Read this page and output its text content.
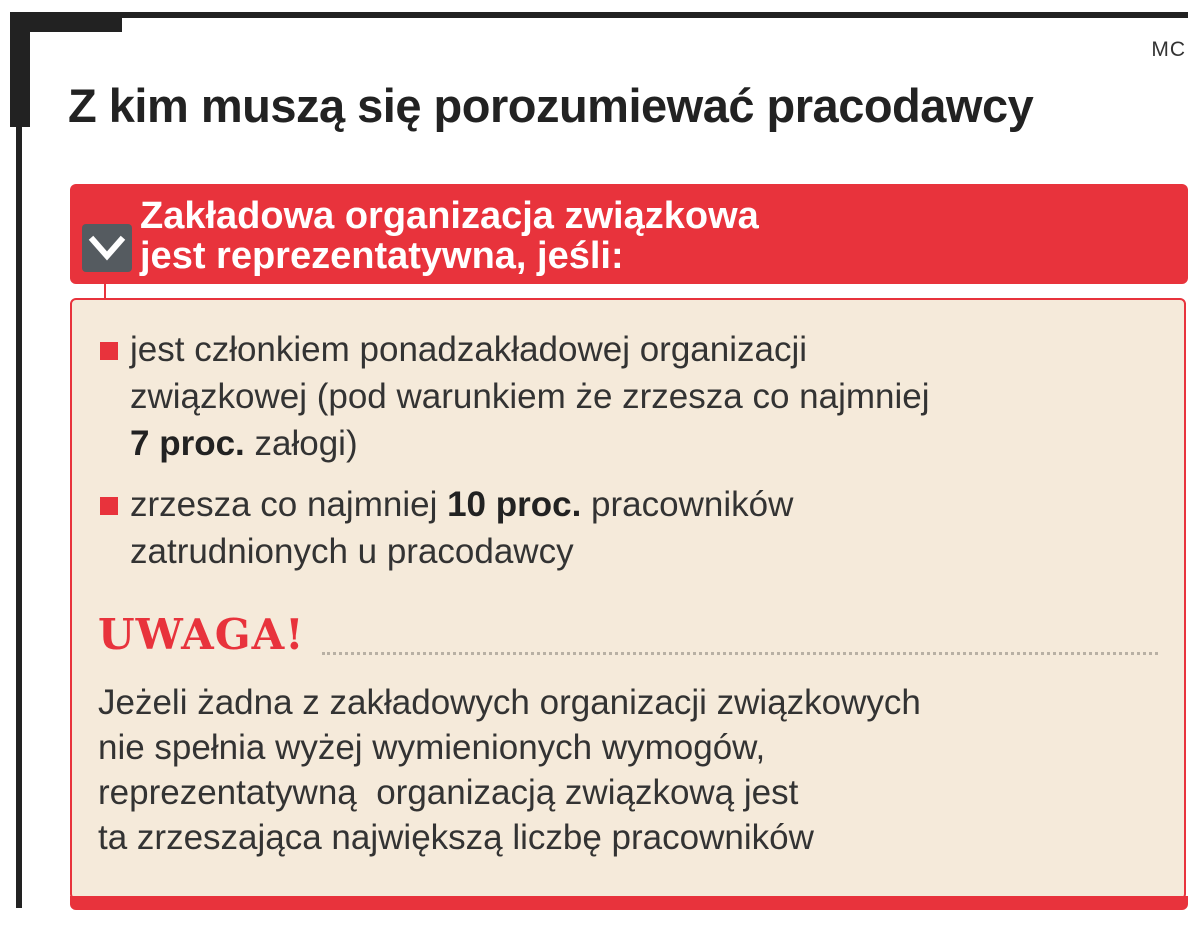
MC
Z kim muszą się porozumiewać pracodawcy

Zakładowa organizacja związkowa
jest reprezentatywna, jeśli:

jest członkiem ponadzakładowej organizacji
związkowej (pod warunkiem że zrzesza co najmniej
7 proc. załogi)
zrzesza co najmniej 10 proc. pracowników
zatrudnionych u pracodawcy
UWAGA!

Jeżeli żadna z zakładowych organizacji związkowych
nie spełnia wyżej wymienionych wymogów,
reprezentatywną  organizacją związkową jest
ta zrzeszająca największą liczbę pracowników
